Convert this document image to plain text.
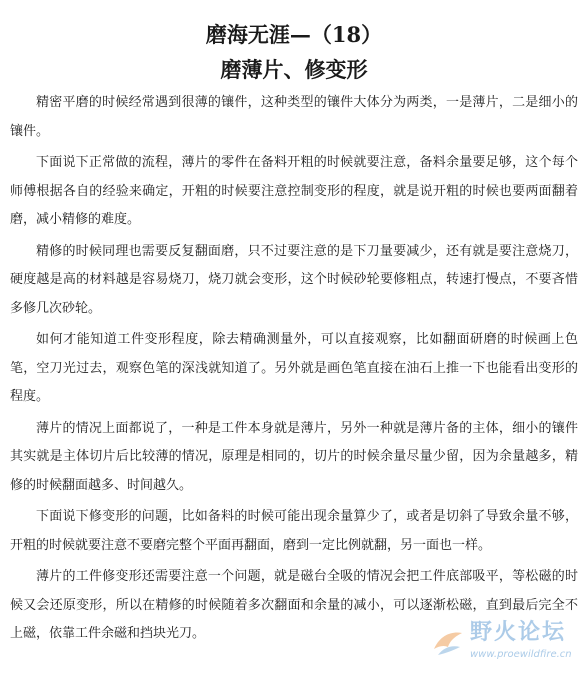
磨海无涯—（18）
磨薄片、修变形

精密平磨的时候经常遇到很薄的镶件，这种类型的镶件大体分为两类，一是薄片，二是细小的镶件。

下面说下正常做的流程，薄片的零件在备料开粗的时候就要注意，备料余量要足够，这个每个师傅根据各自的经验来确定，开粗的时候要注意控制变形的程度，就是说开粗的时候也要两面翻着磨，减小精修的难度。

精修的时候同理也需要反复翻面磨，只不过要注意的是下刀量要减少，还有就是要注意烧刀，硬度越是高的材料越是容易烧刀，烧刀就会变形，这个时候砂轮要修粗点，转速打慢点，不要吝惜多修几次砂轮。

如何才能知道工件变形程度，除去精确测量外，可以直接观察，比如翻面研磨的时候画上色笔，空刀光过去，观察色笔的深浅就知道了。另外就是画色笔直接在油石上推一下也能看出变形的程度。

薄片的情况上面都说了，一种是工件本身就是薄片，另外一种就是薄片备的主体，细小的镶件其实就是主体切片后比较薄的情况，原理是相同的，切片的时候余量尽量少留，因为余量越多，精修的时候翻面越多、时间越久。

下面说下修变形的问题，比如备料的时候可能出现余量算少了，或者是切斜了导致余量不够，开粗的时候就要注意不要磨完整个平面再翻面，磨到一定比例就翻，另一面也一样。

薄片的工件修变形还需要注意一个问题，就是磁台全吸的情况会把工件底部吸平，等松磁的时候又会还原变形，所以在精修的时候随着多次翻面和余量的减小，可以逐渐松磁，直到最后完全不上磁，依靠工件余磁和挡块光刀。	野火论坛
www.proewildfire.cn
